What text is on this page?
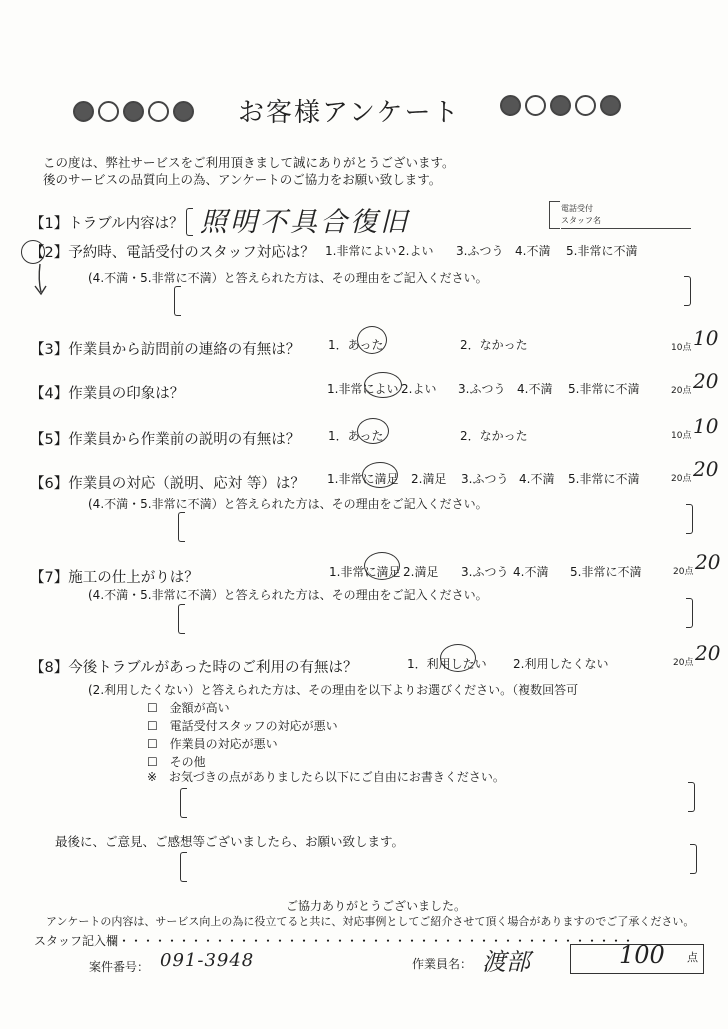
お客様アンケート
この度は、弊社サービスをご利用頂きまして誠にありがとうございます。
後のサービスの品質向上の為、アンケートのご協力をお願い致します。
【1】トラブル内容は？ 照明不具合復旧	電話受付
スタッフ名
【2】予約時、電話受付のスタッフ対応は？ 1.非常によい 2.よい 3.ふつう 4.不満 5.非常に不満
(4.不満・5.非常に不満）と答えられた方は、その理由をご記入ください。
【3】作業員から訪問前の連絡の有無は？ 1．あった	2．なかった	10点 10
【4】作業員の印象は？	1.非常によい 2.よい 3.ふつう 4.不満 5.非常に不満	20点 20
【5】作業員から作業前の説明の有無は？ 1．あった	2．なかった	10点 10
【6】作業員の対応（説明、応対 等）は？ 1.非常に満足 2.満足 3.ふつう 4.不満 5.非常に不満	20点 20
(4.不満・5.非常に不満）と答えられた方は、その理由をご記入ください。
【7】施工の仕上がりは？	1.非常に満足 2.満足 3.ふつう 4.不満 5.非常に不満	20点 20
(4.不満・5.非常に不満）と答えられた方は、その理由をご記入ください。
【8】今後トラブルがあった時のご利用の有無は？	1．利用したい 2.利用したくない	20点 20
(2.利用したくない）と答えられた方は、その理由を以下よりお選びください。（複数回答可
☐ 金額が高い
☐ 電話受付スタッフの対応が悪い
☐ 作業員の対応が悪い
☐ その他
※ お気づきの点がありましたら以下にご自由にお書きください。
最後に、ご意見、ご感想等ございましたら、お願い致します。
ご協力ありがとうございました。
アンケートの内容は、サービス向上の為に役立てると共に、対応事例としてご紹介させて頂く場合がありますのでご了承ください。
スタッフ記入欄・・・・・・・・・・・・・・・・・・・・・・・・・・・・・・・・・・・・・・・・・・・
案件番号： 091-3948	作業員名： 渡部	100 点
